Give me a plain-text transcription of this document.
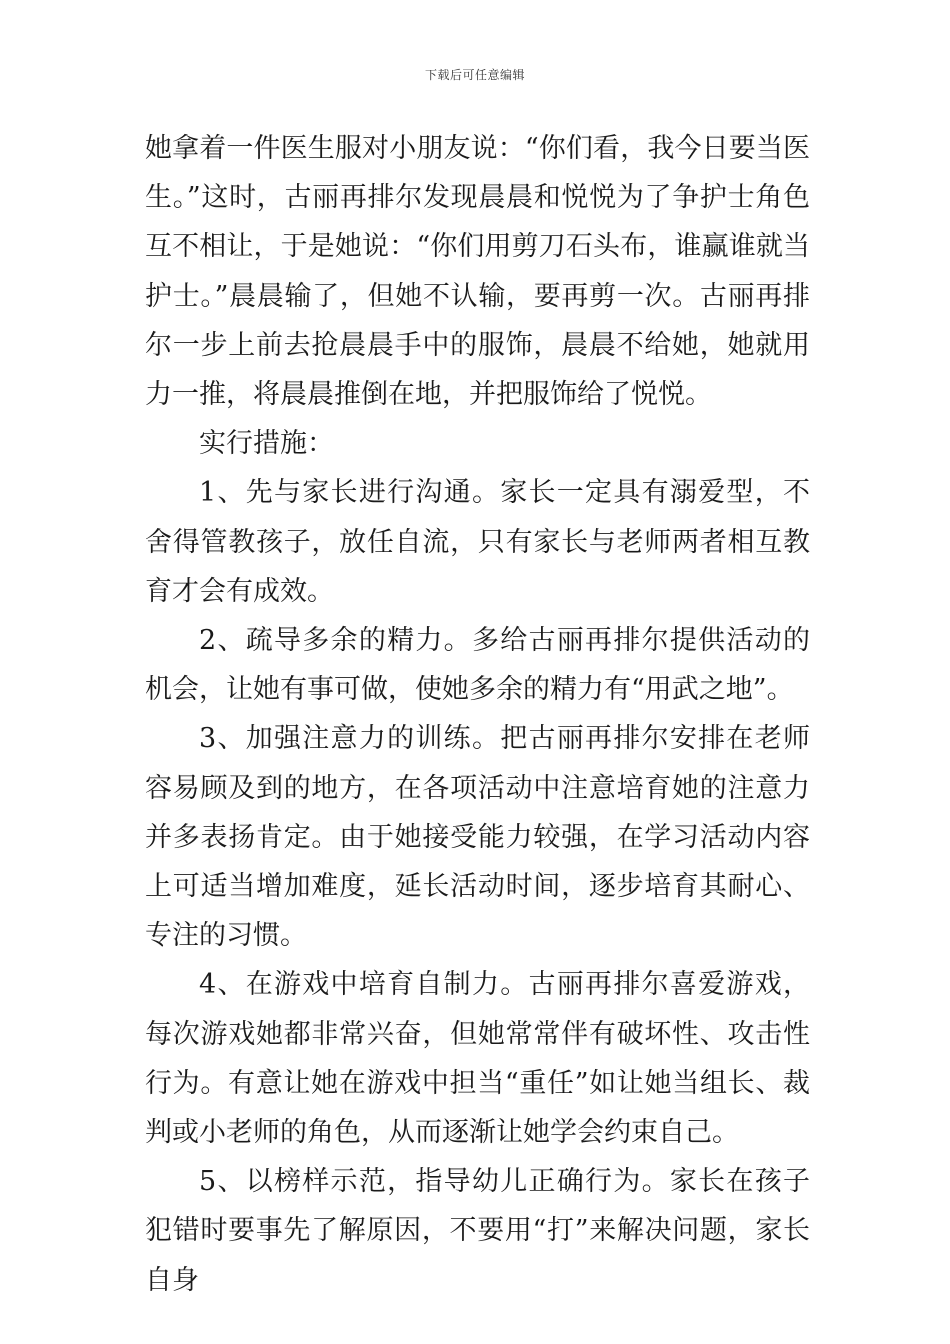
下载后可任意编辑

她拿着一件医生服对小朋友说：“你们看，我今日要当医生。”这时，古丽再排尔发现晨晨和悦悦为了争护士角色互不相让，于是她说：“你们用剪刀石头布，谁赢谁就当护士。”晨晨输了，但她不认输，要再剪一次。古丽再排尔一步上前去抢晨晨手中的服饰，晨晨不给她，她就用力一推，将晨晨推倒在地，并把服饰给了悦悦。

实行措施：

1、先与家长进行沟通。家长一定具有溺爱型，不舍得管教孩子，放任自流，只有家长与老师两者相互教育才会有成效。

2、疏导多余的精力。多给古丽再排尔提供活动的机会，让她有事可做，使她多余的精力有“用武之地”。

3、加强注意力的训练。把古丽再排尔安排在老师容易顾及到的地方，在各项活动中注意培育她的注意力并多表扬肯定。由于她接受能力较强，在学习活动内容上可适当增加难度，延长活动时间，逐步培育其耐心、专注的习惯。

4、在游戏中培育自制力。古丽再排尔喜爱游戏，每次游戏她都非常兴奋，但她常常伴有破坏性、攻击性行为。有意让她在游戏中担当“重任”如让她当组长、裁判或小老师的角色，从而逐渐让她学会约束自己。

5、以榜样示范，指导幼儿正确行为。家长在孩子犯错时要事先了解原因，不要用“打”来解决问题，家长自身
